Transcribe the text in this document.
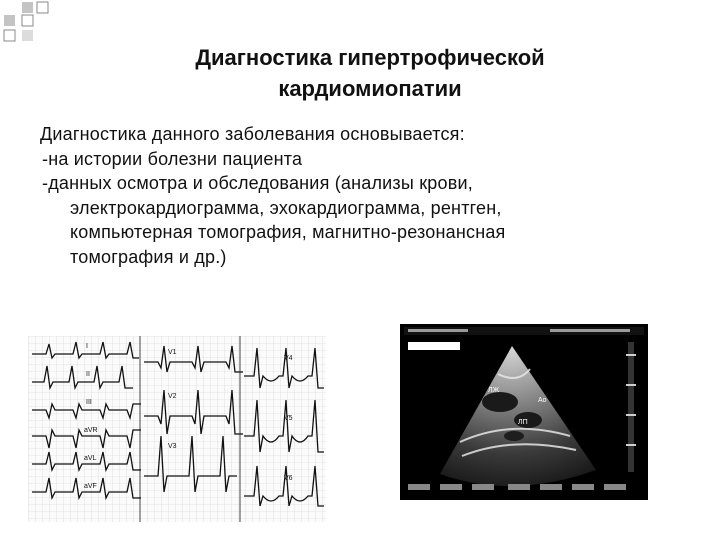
Диагностика гипертрофической
кардиомиопатии
Диагностика данного заболевания основывается:
-на истории болезни пациента
-данных осмотра и обследования (анализы крови,
электрокардиограмма, эхокардиограмма, рентген,
компьютерная томография, магнитно-резонансная
томография и др.)
I
II
III
aVR
aVL
aVF
V1
V2
V3
V4
V5
V6
ЛЖ
Ao
ЛП
